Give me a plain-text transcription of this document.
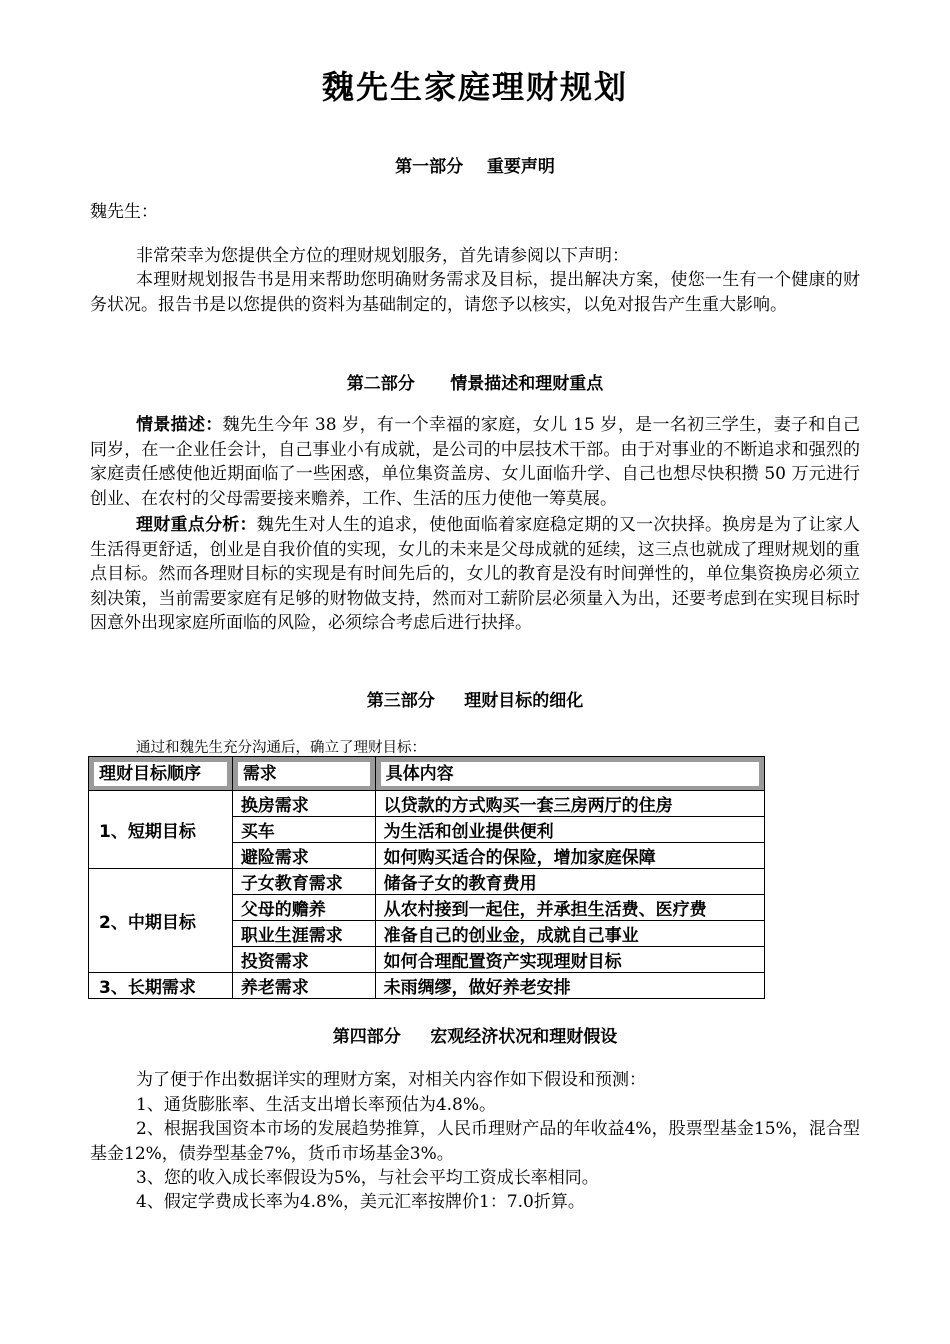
魏先生家庭理财规划
第一部分    重要声明
魏先生：
非常荣幸为您提供全方位的理财规划服务，首先请参阅以下声明：
本理财规划报告书是用来帮助您明确财务需求及目标，提出解决方案，使您一生有一个健康的财务状况。报告书是以您提供的资料为基础制定的，请您予以核实，以免对报告产生重大影响。
第二部分      情景描述和理财重点
情景描述：魏先生今年 38 岁，有一个幸福的家庭，女儿 15 岁，是一名初三学生，妻子和自己同岁，在一企业任会计，自己事业小有成就，是公司的中层技术干部。由于对事业的不断追求和强烈的家庭责任感使他近期面临了一些困惑，单位集资盖房、女儿面临升学、自己也想尽快积攒 50 万元进行创业、在农村的父母需要接来赡养，工作、生活的压力使他一筹莫展。
理财重点分析：魏先生对人生的追求，使他面临着家庭稳定期的又一次抉择。换房是为了让家人生活得更舒适，创业是自我价值的实现，女儿的未来是父母成就的延续，这三点也就成了理财规划的重点目标。然而各理财目标的实现是有时间先后的，女儿的教育是没有时间弹性的，单位集资换房必须立刻决策，当前需要家庭有足够的财物做支持，然而对工薪阶层必须量入为出，还要考虑到在实现目标时因意外出现家庭所面临的风险，必须综合考虑后进行抉择。
第三部分     理财目标的细化
通过和魏先生充分沟通后，确立了理财目标：
理财目标顺序	需求	具体内容

1、短期目标	换房需求	以贷款的方式购买一套三房两厅的住房
	买车	为生活和创业提供便利
	避险需求	如何购买适合的保险，增加家庭保障
2、中期目标	子女教育需求	储备子女的教育费用
	父母的赡养	从农村接到一起住，并承担生活费、医疗费
	职业生涯需求	准备自己的创业金，成就自己事业
	投资需求	如何合理配置资产实现理财目标
3、长期需求	养老需求	未雨绸缪，做好养老安排
第四部分     宏观经济状况和理财假设
为了便于作出数据详实的理财方案，对相关内容作如下假设和预测：
1、通货膨胀率、生活支出增长率预估为4.8%。
2、根据我国资本市场的发展趋势推算，人民币理财产品的年收益4%，股票型基金15%，混合型基金12%，债券型基金7%，货币市场基金3%。
3、您的收入成长率假设为5%，与社会平均工资成长率相同。
4、假定学费成长率为4.8%，美元汇率按牌价1：7.0折算。
